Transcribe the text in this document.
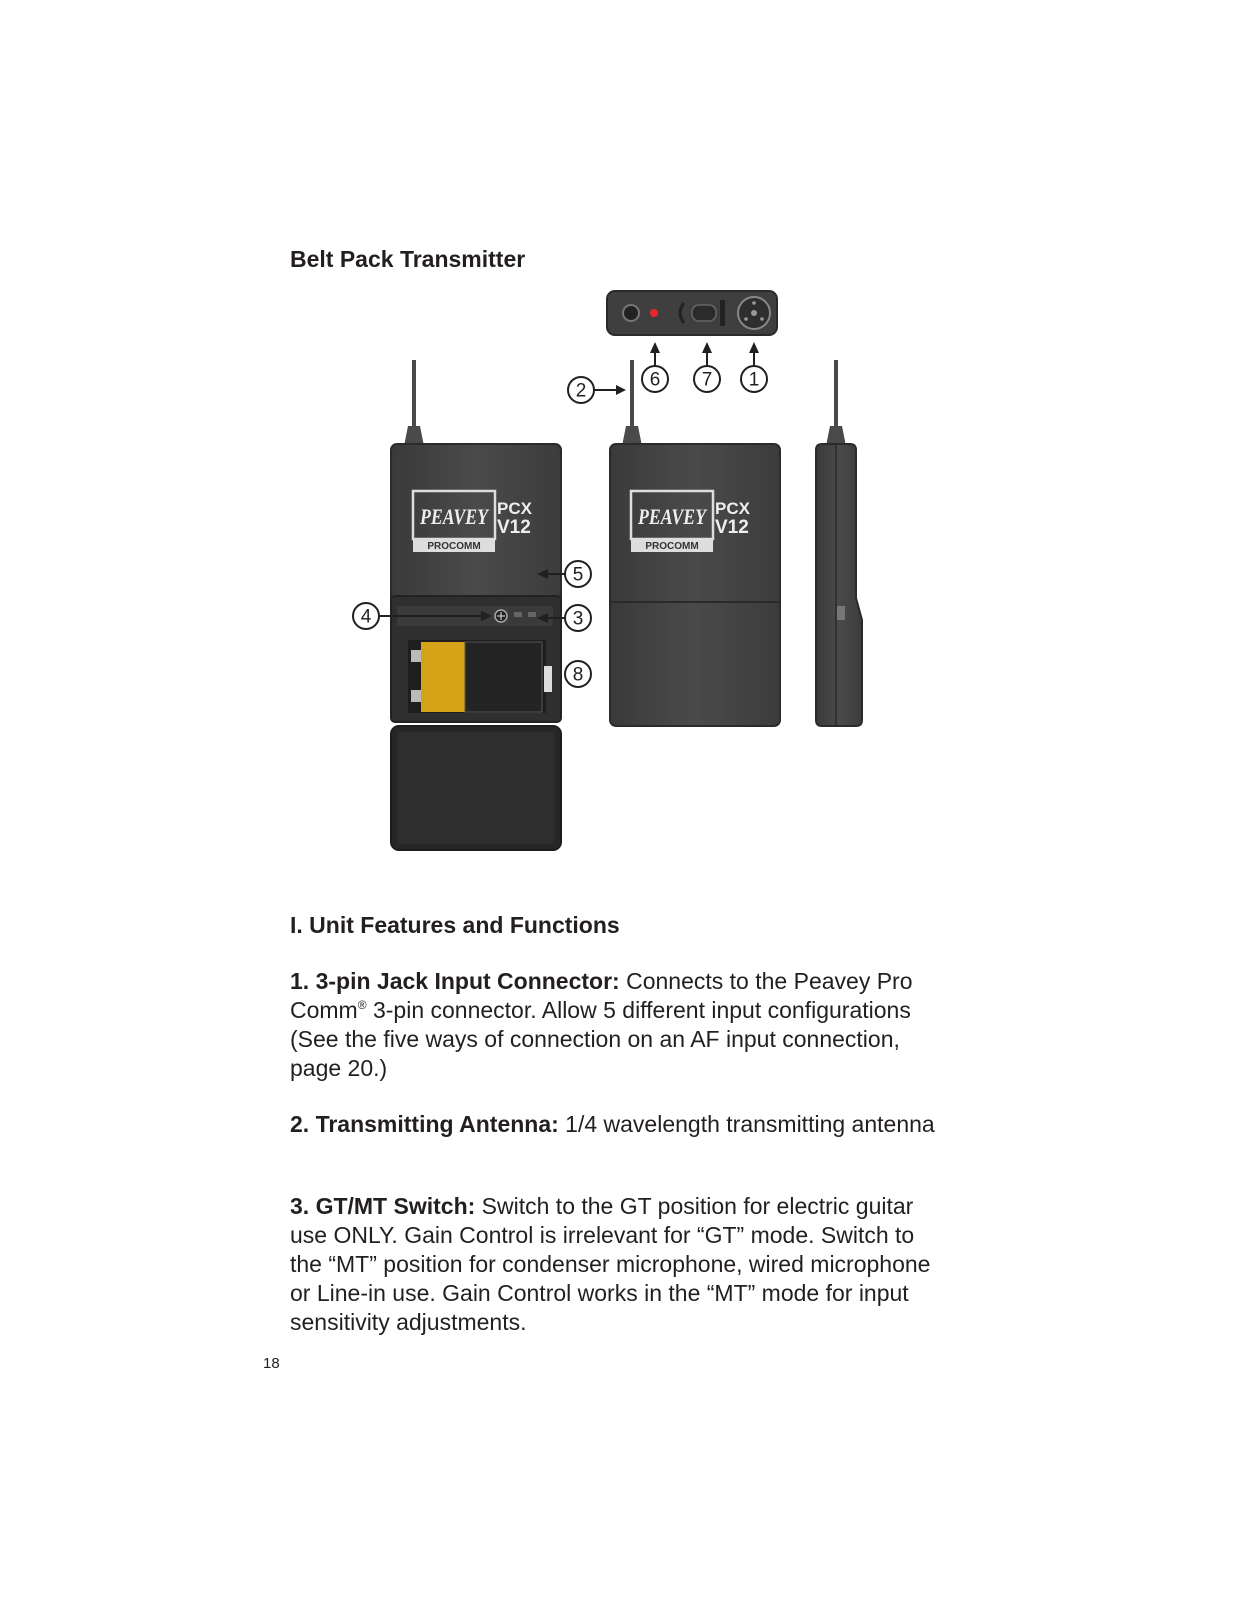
Belt Pack Transmitter
PEAVEY
PROCOMM
PCX
V12	PEAVEY
PROCOMM
PCX
V12
2
6 7 1
5
4	3
8
I. Unit Features and Functions

1. 3-pin Jack Input Connector: Connects to the Peavey Pro Comm® 3-pin connector. Allow 5 different input configurations (See the five ways of connection on an AF input connection, page 20.)

2. Transmitting Antenna: 1/4 wavelength transmitting antenna

3. GT/MT Switch: Switch to the GT position for electric guitar use ONLY. Gain Control is irrelevant for “GT” mode. Switch to the “MT” position for condenser microphone, wired microphone or Line-in use. Gain Control works in the “MT” mode for input sensitivity adjustments.

18
